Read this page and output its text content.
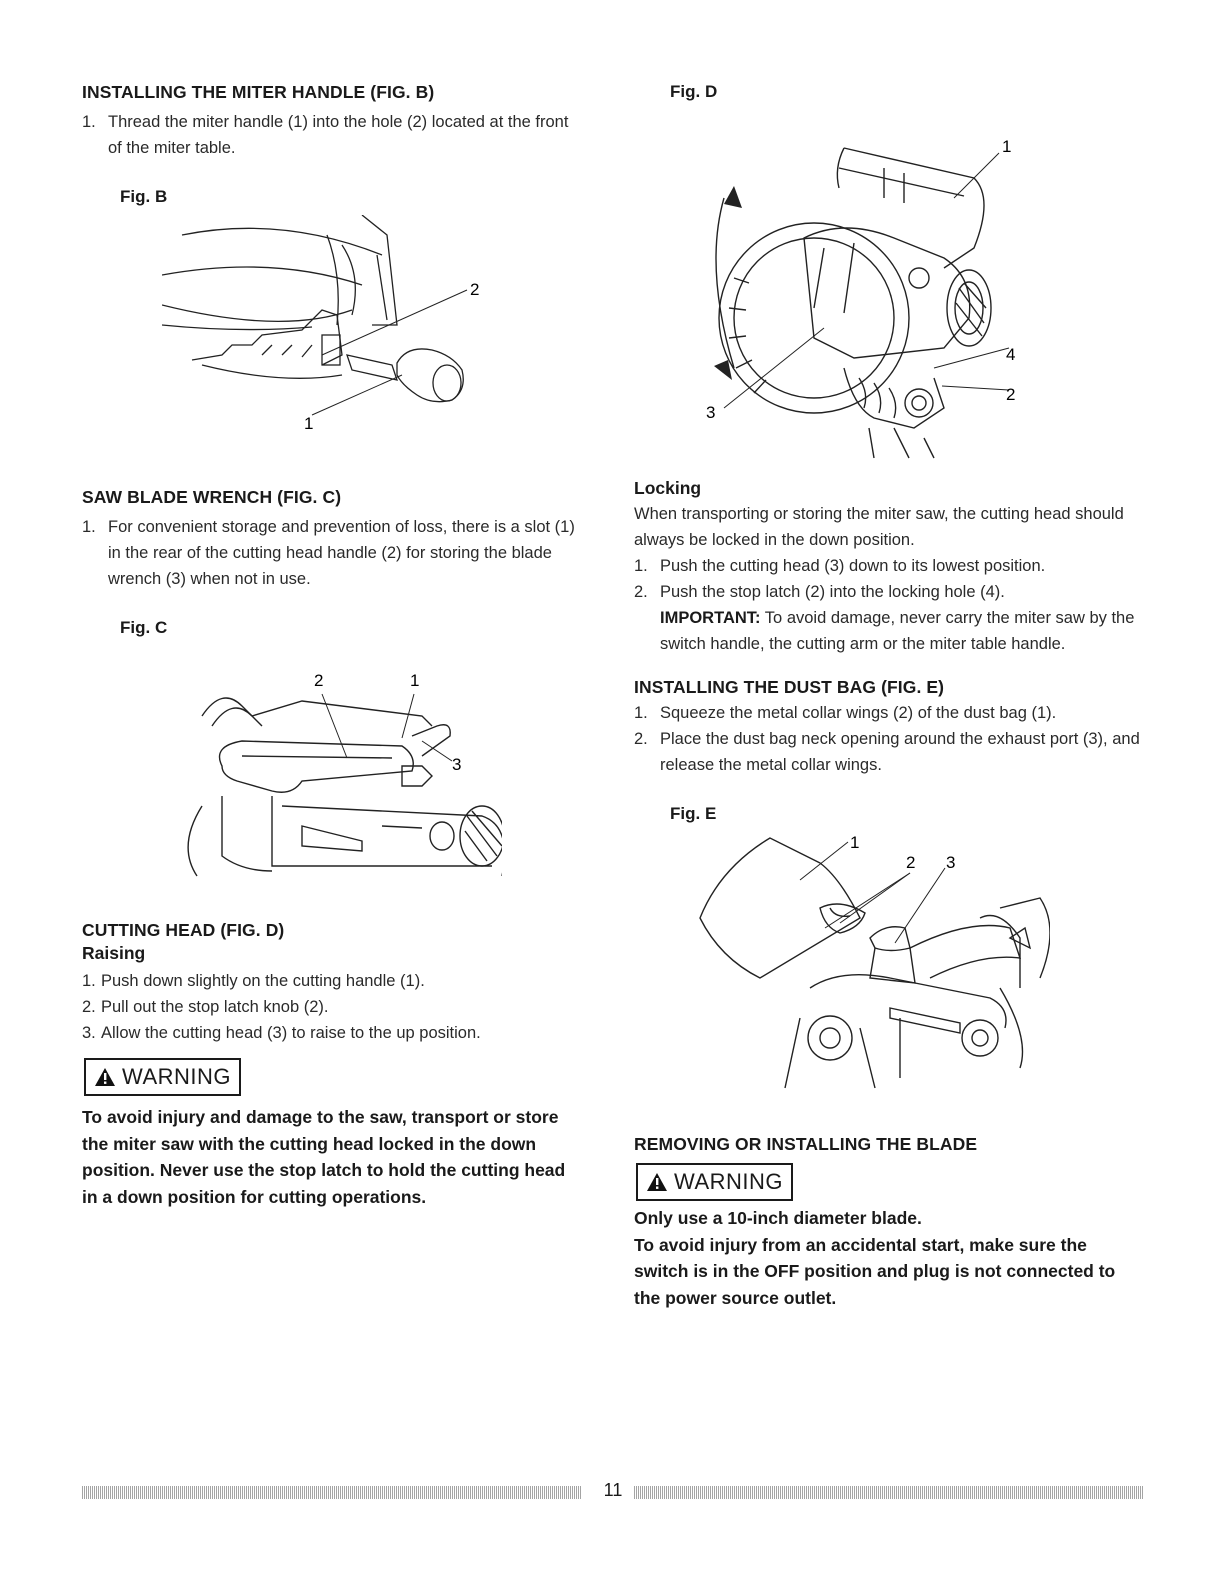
INSTALLING THE MITER HANDLE (FIG. B)
1. Thread the miter handle (1) into the hole (2) located at the front of the miter table.

Fig. B

2
1
SAW BLADE WRENCH (FIG. C)
1. For convenient storage and prevention of loss, there is a slot (1) in the rear of the cutting head handle (2) for storing the blade wrench (3) when not in use.

Fig. C

2	1
3
CUTTING HEAD (FIG. D)
Raising
1. Push down slightly on the cutting handle (1).
2. Pull out the stop latch knob (2).
3. Allow the cutting head (3) to raise to the up position.
WARNING

To avoid injury and damage to the saw, transport or store the miter saw with the cutting head locked in the down position. Never use the stop latch to hold the cutting head in a down position for cutting operations.

Fig. D

1
4
2
3
Locking

When transporting or storing the miter saw, the cutting head should always be locked in the down position.

1. Push the cutting head (3) down to its lowest position.
2. Push the stop latch (2) into the locking hole (4).
IMPORTANT: To avoid damage, never carry the miter saw by the switch handle, the cutting arm or the miter table handle.
INSTALLING THE DUST BAG (FIG. E)
1. Squeeze the metal collar wings (2) of the dust bag (1).
2. Place the dust bag neck opening around the exhaust port (3), and release the metal collar wings.

Fig. E

1
2 3
REMOVING OR INSTALLING THE BLADE
WARNING

Only use a 10-inch diameter blade.

To avoid injury from an accidental start, make sure the switch is in the OFF position and plug is not connected to the power source outlet.

11
